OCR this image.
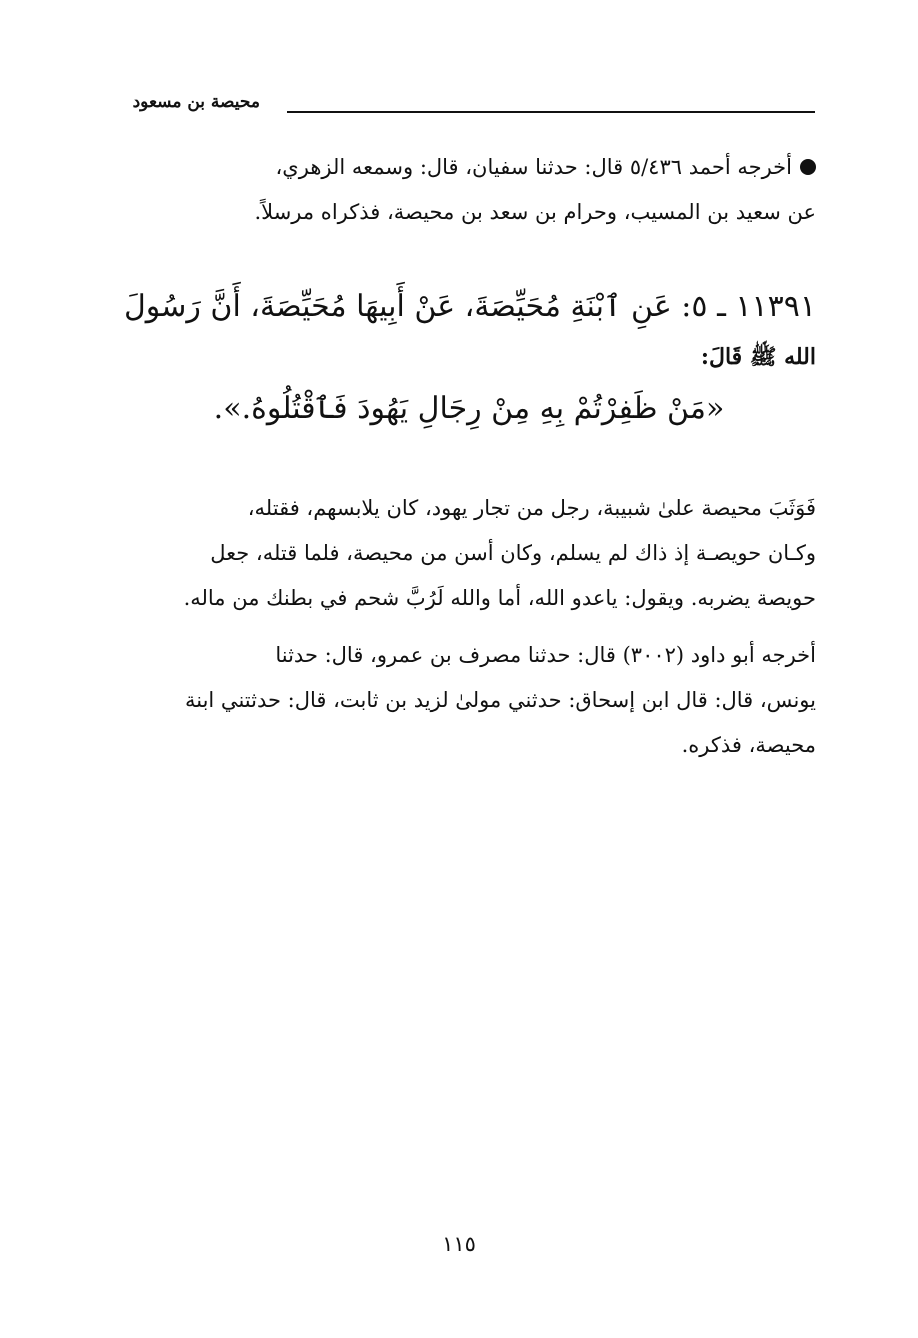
محيصة بن مسعود

أخرجه أحمد ٥/٤٣٦ قال: حدثنا سفيان، قال: وسمعه الزهري،

عن سعيد بن المسيب، وحرام بن سعد بن محيصة، فذكراه مرسلاً.

١١٣٩١ ـ ٥: عَنِ ٱبْنَةِ مُحَيِّصَةَ، عَنْ أَبِيهَا مُحَيِّصَةَ، أَنَّ رَسُولَ

الله ﷺ قَالَ:

«مَنْ ظَفِرْتُمْ بِهِ مِنْ رِجَالِ يَهُودَ فَٱقْتُلُوهُ.».

فَوَثَبَ محيصة علىٰ شبيبة، رجل من تجار يهود، كان يلابسهم، فقتله،

وكـان حويصـة إذ ذاك لم يسلم، وكان أسن من محيصة، فلما قتله، جعل

حويصة يضربه. ويقول: ياعدو الله، أما والله لَرُبَّ شحم في بطنك من ماله.

أخرجه أبو داود (٣٠٠٢) قال: حدثنا مصرف بن عمرو، قال: حدثنا

يونس، قال: قال ابن إسحاق: حدثني مولىٰ لزيد بن ثابت، قال: حدثتني ابنة

محيصة، فذكره.

١١٥
